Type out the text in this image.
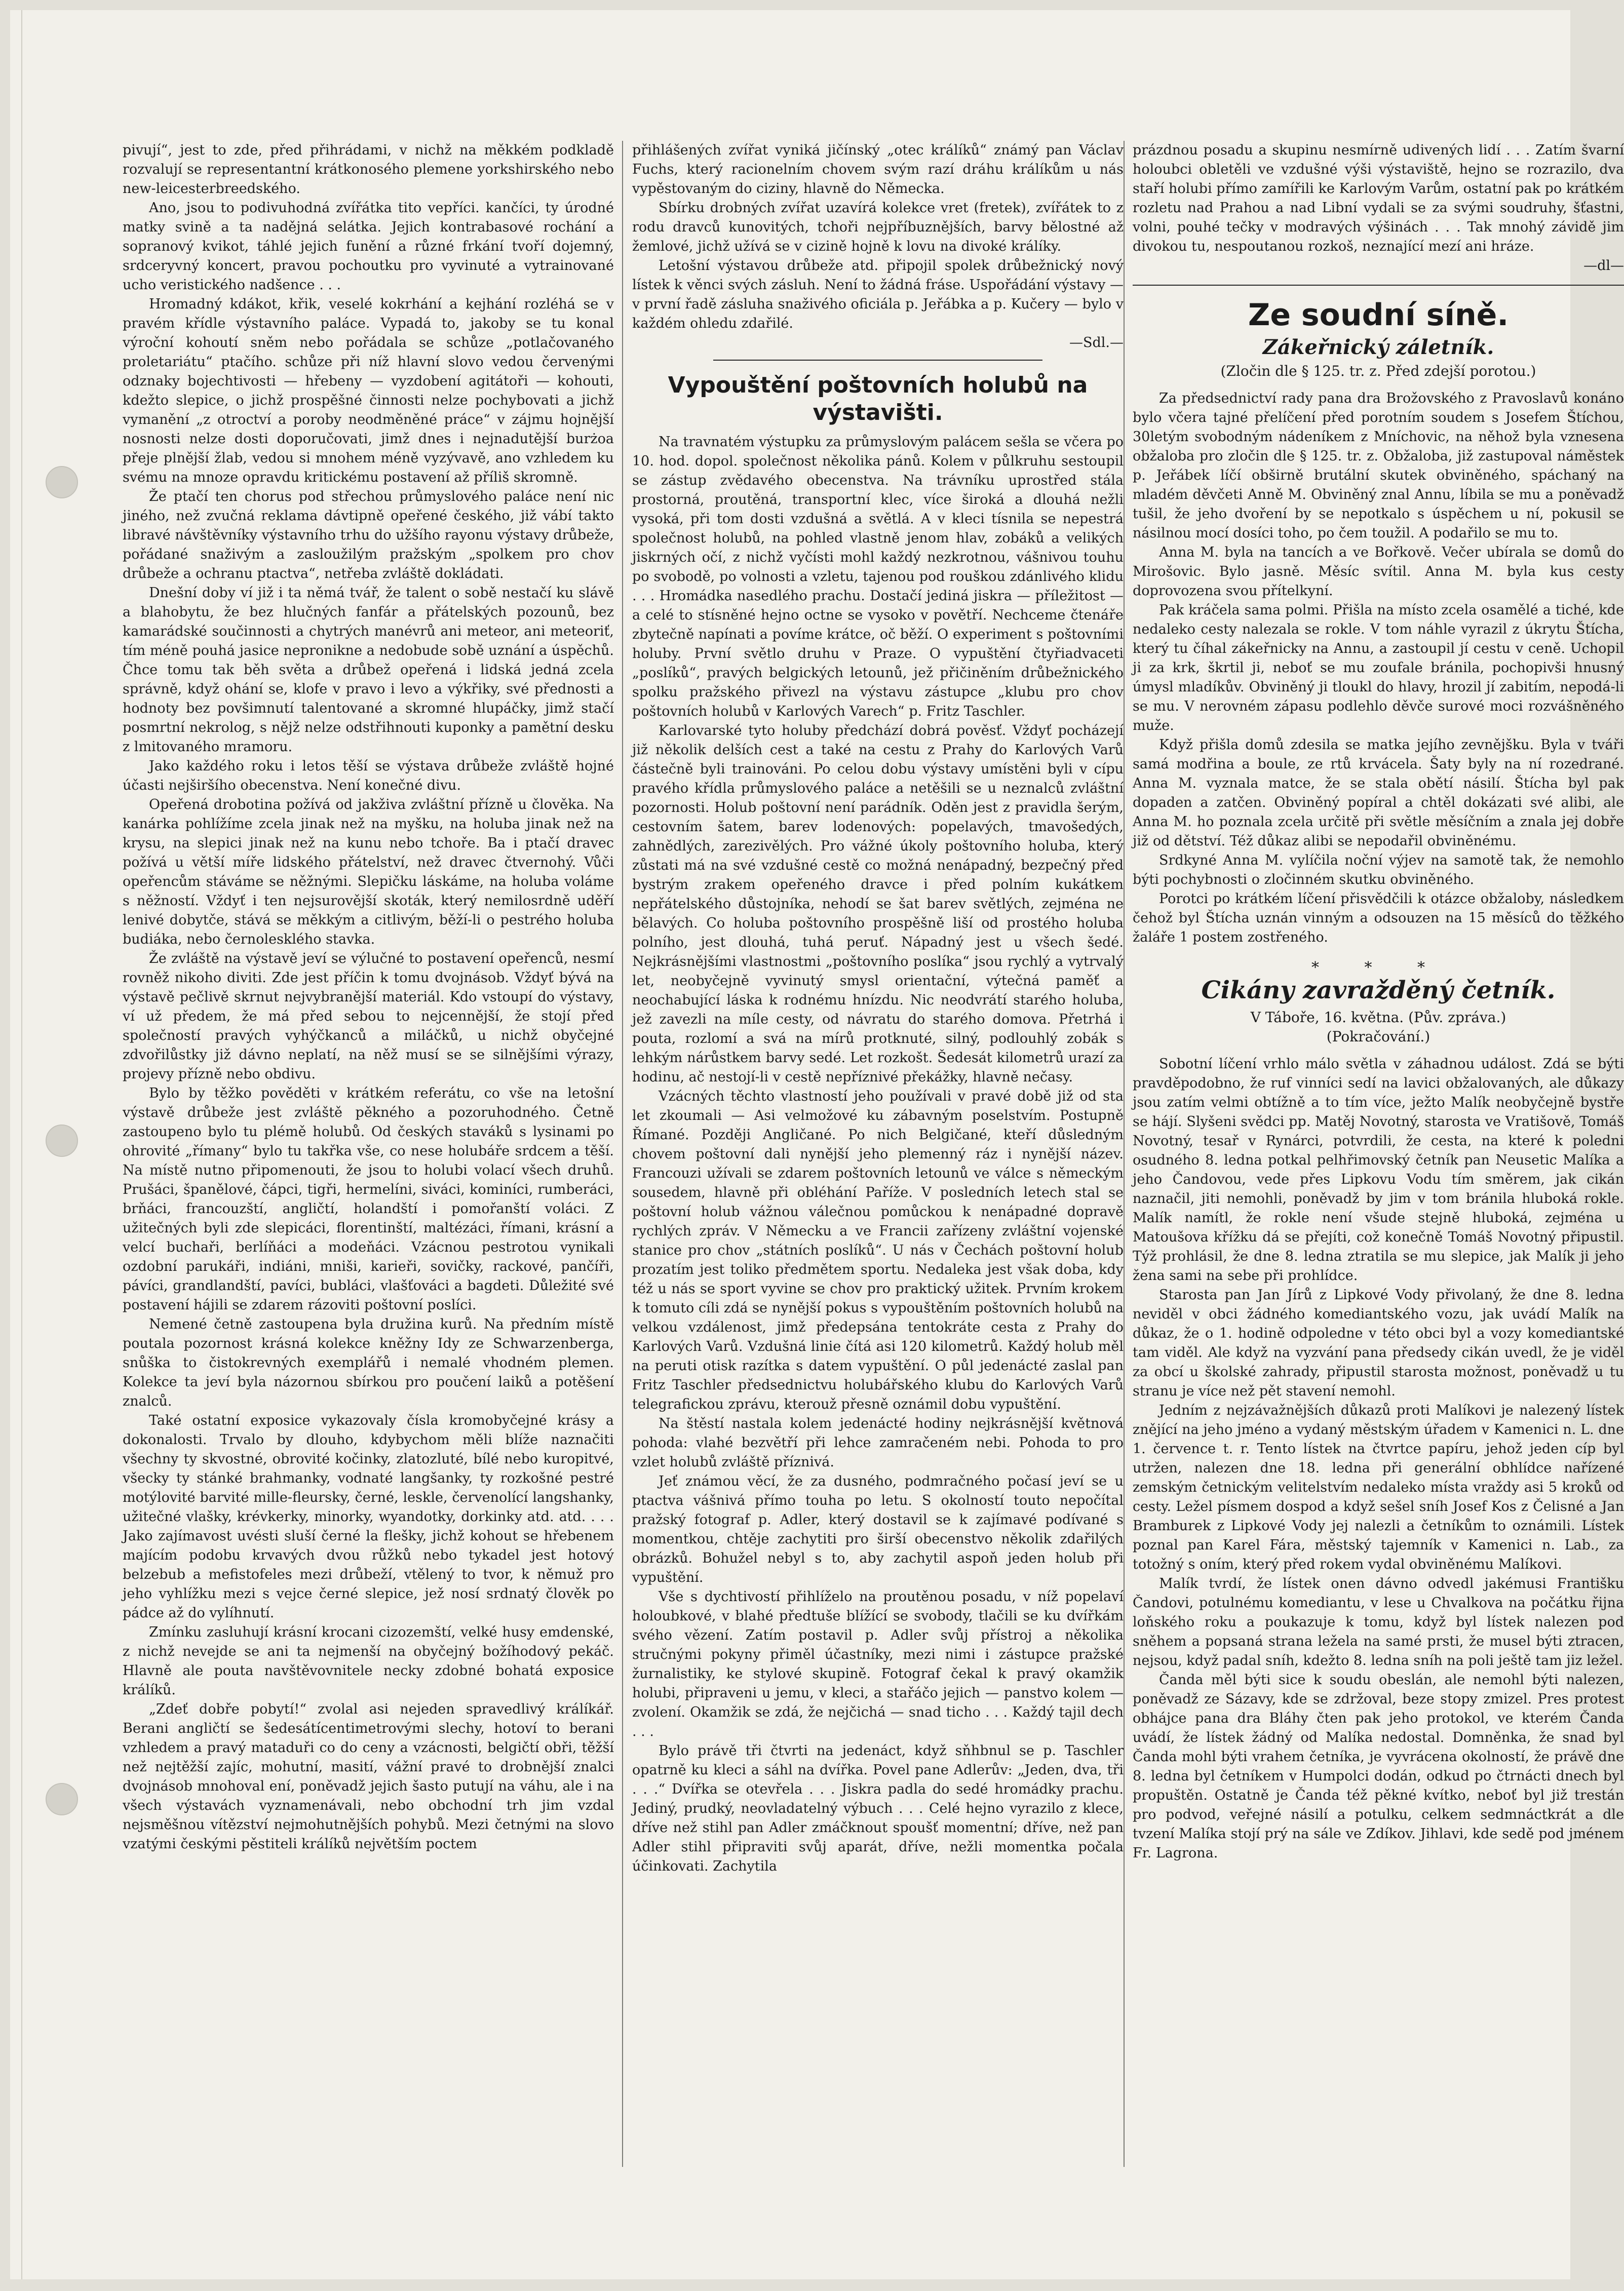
pivují“, jest to zde, před přihrádami, v nichž na měkkém podkladě rozvalují se representantní krátkonosého plemene yorkshirského nebo new-leicesterbreedského.

Ano, jsou to podivuhodná zvířátka tito vepříci. kančíci, ty úrodné matky svině a ta nadějná selátka. Jejich kontrabasové rochání a sopranový kvikot, táhlé jejich funění a různé frkání tvoří dojemný, srdceryvný koncert, pravou pochoutku pro vyvinuté a vytrainované ucho veristického nadšence . . .

Hromadný kdákot, křik, veselé kokrhání a kejhání rozléhá se v pravém křídle výstavního paláce. Vypadá to, jakoby se tu konal výroční kohoutí sněm nebo pořádala se schůze „potlačovaného proletariátu“ ptačího. schůze při níž hlavní slovo vedou červenými odznaky bojechtivosti — hřebeny — vyzdobení agitátoři — kohouti, kdežto slepice, o jichž prospěšné činnosti nelze pochybovati a jichž vymanění „z otroctví a poroby neodměněné práce“ v zájmu hojnější nosnosti nelze dosti doporučovati, jimž dnes i nejnadutější burżoa přeje plnější žlab, vedou si mnohem méně vyzývavě, ano vzhledem ku svému na mnoze opravdu kritickému postavení až příliš skromně.

Že ptačí ten chorus pod střechou průmyslového paláce není nic jiného, než zvučná reklama dávtipně opeřené českého, již vábí takto libravé návštěvníky výstavního trhu do užšího rayonu výstavy drůbeže, pořádané snaživým a zasloužilým pražským „spolkem pro chov drůbeže a ochranu ptactva“, netřeba zvláště dokládati.

Dnešní doby ví již i ta němá tvář, že talent o sobě nestačí ku slávě a blahobytu, že bez hlučných fanfár a přátelských pozounů, bez kamarádské součinnosti a chytrých manévrů ani meteor, ani meteoriť, tím méně pouhá jasice nepronikne a nedobude sobě uznání a úspěchů. Čhce tomu tak běh světa a drůbež opeřená i lidská jedná zcela správně, když ohání se, klofe v pravo i levo a výkřiky, své přednosti a hodnoty bez povšimnutí talentované a skromné hlupáčky, jimž stačí posmrtní nekrolog, s nějž nelze odstřihnouti kuponky a pamětní desku z lmitovaného mramoru.

Jako každého roku i letos těší se výstava drůbeže zvláště hojné účasti nejširšího obecenstva. Není konečné divu.

Opeřená drobotina požívá od jakživa zvláštní přízně u člověka. Na kanárka pohlížíme zcela jinak než na myšku, na holuba jinak než na krysu, na slepici jinak než na kunu nebo tchoře. Ba i ptačí dravec požívá u větší míře lidského přátelství, než dravec čtvernohý. Vůči opeřencům stáváme se něžnými. Slepičku láskáme, na holuba voláme s něžností. Vždyť i ten nejsurovější skoták, který nemilosrdně uděří lenivé dobytče, stává se měkkým a citlivým, běží-li o pestrého holuba budiáka, nebo černolesklého stavka.

Že zvláště na výstavě jeví se výlučné to postavení opeřenců, nesmí rovněž nikoho diviti. Zde jest příčin k tomu dvojnásob. Vždyť bývá na výstavě pečlivě skrnut nejvybranější materiál. Kdo vstoupí do výstavy, ví už předem, že má před sebou to nejcennější, že stojí před společností pravých vyhýčkanců a miláčků, u nichž obyčejné zdvořilůstky již dávno neplatí, na něž musí se se silnějšími výrazy, projevy přízně nebo obdivu.

Bylo by těžko pověděti v krátkém referátu, co vše na letošní výstavě drůbeže jest zvláště pěkného a pozoruhodného. Četně zastoupeno bylo tu plémě holubů. Od českých staváků s lysinami po ohrovité „římany“ bylo tu takřka vše, co nese holubáře srdcem a těší. Na místě nutno připomenouti, že jsou to holubi volací všech druhů. Prušáci, španělové, čápci, tigři, hermelíni, siváci, kominíci, rumberáci, brňáci, francouzští, angličtí, holandští i pomořanští voláci. Z užitečných byli zde slepicáci, florentinští, maltézáci, římani, krásní a velcí buchaři, berlíňáci a modeňáci. Vzácnou pestrotou vynikali ozdobní parukáři, indiáni, mniši, karieři, sovičky, rackové, pančíři, pávíci, grandlandští, pavíci, bubláci, vlašťováci a bagdeti. Důležité své postavení hájili se zdarem rázoviti poštovní poslíci.

Nemené četně zastoupena byla družina kurů. Na předním místě poutala pozornost krásná kolekce kněžny Idy ze Schwarzenberga, snůška to čistokrevných exemplářů i nemalé vhodném plemen. Kolekce ta jeví byla názornou sbírkou pro poučení laiků a potěšení znalců.

Také ostatní exposice vykazovaly čísla kromobyčejné krásy a dokonalosti. Trvalo by dlouho, kdybychom měli blíže naznačiti všechny ty skvostné, obrovité kočinky, zlatozluté, bílé nebo kuropitvé, všecky ty stánké brahmanky, vodnaté langšanky, ty rozkošné pestré motýlovité barvité mille-fleursky, černé, leskle, červenolící langshanky, užitečné vlašky, krévkerky, minorky, wyandotky, dorkinky atd. atd. . . . Jako zajímavost uvésti sluší černé la flešky, jichž kohout se hřebenem majícím podobu krvavých dvou růžků nebo tykadel jest hotový belzebub a mefistofeles mezi drůbeží, vtělený to tvor, k němuž pro jeho vyhlížku mezi s vejce černé slepice, jež nosí srdnatý člověk po pádce až do vylíhnutí.

Zmínku zasluhují krásní krocani cizozemští, velké husy emdenské, z nichž nevejde se ani ta nejmenší na obyčejný božíhodový pekáč. Hlavně ale pouta navštěvovnitele necky zdobné bohatá exposice králíků.

„Zdeť dobře pobytí!“ zvolal asi nejeden spravedlivý králíkář. Berani angličtí se šedesátícentimetrovými slechy, hotoví to berani vzhledem a pravý mataduři co do ceny a vzácnosti, belgičtí obři, těžší než nejtěžší zajíc, mohutní, masití, vážní pravé to drobnější znalci dvojnásob mnohoval ení, poněvadž jejich šasto putují na váhu, ale i na všech výstavách vyznamenávali, nebo obchodní trh jim vzdal nejsměšnou vítězství nejmohutnějších pohybů. Mezi četnými na slovo vzatými českými pěstiteli králíků největším poctem

přihlášených zvířat vyniká jičínský „otec králíků“ známý pan Václav Fuchs, který racionelním chovem svým razí dráhu králíkům u nás vypěstovaným do ciziny, hlavně do Německa.

Sbírku drobných zvířat uzavírá kolekce vret (fretek), zvířátek to z rodu dravců kunovitých, tchoři nejpříbuznějších, barvy bělostné až žemlové, jichž užívá se v cizině hojně k lovu na divoké králíky.

Letošní výstavou drůbeže atd. připojil spolek drůbežnický nový lístek k věnci svých zásluh. Není to žádná fráse. Uspořádání výstavy — v první řadě zásluha snaživého oficiála p. Jeřábka a p. Kučery — bylo v každém ohledu zdařilé.

—Sdl.—

Vypouštění poštovních holubů na výstavišti.

Na travnatém výstupku za průmyslovým palácem sešla se včera po 10. hod. dopol. společnost několika pánů. Kolem v půlkruhu sestoupil se zástup zvědavého obecenstva. Na trávníku uprostřed stála prostorná, proutěná, transportní klec, více široká a dlouhá nežli vysoká, při tom dosti vzdušná a světlá. A v kleci tísnila se nepestrá společnost holubů, na pohled vlastně jenom hlav, zobáků a velikých jiskrných očí, z nichž vyčísti mohl každý nezkrotnou, vášnivou touhu po svobodě, po volnosti a vzletu, tajenou pod rouškou zdánlivého klidu . . . Hromádka nasedlého prachu. Dostačí jediná jiskra — příležitost — a celé to stísněné hejno octne se vysoko v povětří. Nechceme čtenáře zbytečně napínati a povíme krátce, oč běží. O experiment s poštovními holuby. První světlo druhu v Praze. O vypuštění čtyřiadvaceti „poslíků“, pravých belgických letounů, jež přičiněním drůbežnického spolku pražského přivezl na výstavu zástupce „klubu pro chov poštovních holubů v Karlových Varech“ p. Fritz Taschler.

Karlovarské tyto holuby předchází dobrá pověsť. Vždyť pocházejí již několik delších cest a také na cestu z Prahy do Karlových Varů částečně byli trainováni. Po celou dobu výstavy umístěni byli v cípu pravého křídla průmyslového paláce a netěšili se u neznalců zvláštní pozornosti. Holub poštovní není parádník. Oděn jest z pravidla šerým, cestovním šatem, barev lodenových: popelavých, tmavošedých, zahnědlých, zarezivělých. Pro vážné úkoly poštovního holuba, který zůstati má na své vzdušné cestě co možná nenápadný, bezpečný před bystrým zrakem opeřeného dravce i před polním kukátkem nepřátelského důstojníka, nehodí se šat barev světlých, zejména ne bělavých. Co holuba poštovního prospěšně liší od prostého holuba polního, jest dlouhá, tuhá peruť. Nápadný jest u všech šedé. Nejkrásnějšími vlastnostmi „poštovního poslíka“ jsou rychlý a vytrvalý let, neobyčejně vyvinutý smysl orientační, výtečná paměť a neochabující láska k rodnému hnízdu. Nic neodvrátí starého holuba, jež zavezli na míle cesty, od návratu do starého domova. Přetrhá i pouta, rozlomí a svá na mírů protknuté, silný, podlouhlý zobák s lehkým nárůstkem barvy sedé. Let rozkošt. Šedesát kilometrů urazí za hodinu, ač nestojí-li v cestě nepříznivé překážky, hlavně nečasy.

Vzácných těchto vlastností jeho používali v pravé době již od sta let zkoumali — Asi velmožové ku zábavným poselstvím. Postupně Římané. Později Angličané. Po nich Belgičané, kteří důsledným chovem poštovní dali nynější jeho plemenný ráz i nynější název. Francouzi užívali se zdarem poštovních letounů ve válce s německým sousedem, hlavně při obléhání Paříže. V posledních letech stal se poštovní holub vážnou válečnou pomůckou k nenápadné dopravě rychlých zpráv. V Německu a ve Francii zařízeny zvláštní vojenské stanice pro chov „státních poslíků“. U nás v Čechách poštovní holub prozatím jest toliko předmětem sportu. Nedaleka jest však doba, kdy též u nás se sport vyvine se chov pro praktický užitek. Prvním krokem k tomuto cíli zdá se nynější pokus s vypouštěním poštovních holubů na velkou vzdálenost, jimž předepsána tentokráte cesta z Prahy do Karlových Varů. Vzdušná linie čítá asi 120 kilometrů. Každý holub měl na peruti otisk razítka s datem vypuštění. O půl jedenácté zaslal pan Fritz Taschler předsednictvu holubářského klubu do Karlových Varů telegrafickou zprávu, kterouž přesně oznámil dobu vypuštění.

Na štěstí nastala kolem jedenácté hodiny nejkrásnější květnová pohoda: vlahé bezvětří při lehce zamračeném nebi. Pohoda to pro vzlet holubů zvláště příznivá.

Jeť známou věcí, že za dusného, podmračného počasí jeví se u ptactva vášnivá přímo touha po letu. S okolností touto nepočítal pražský fotograf p. Adler, který dostavil se k zajímavé podívané s momentkou, chtěje zachytiti pro širší obecenstvo několik zdařilých obrázků. Bohužel nebyl s to, aby zachytil aspoň jeden holub při vypuštění.

Vše s dychtivostí přihlíželo na proutěnou posadu, v níž popelaví holoubkové, v blahé předtuše blížící se svobody, tlačili se ku dvířkám svého vězení. Zatím postavil p. Adler svůj přístroj a několika stručnými pokyny přiměl účastníky, mezi nimi i zástupce pražské žurnalistiky, ke stylové skupině. Fotograf čekal k pravý okamžik holubi, připraveni u jemu, v kleci, a stařáčo jejich — panstvo kolem — zvolení. Okamžik se zdá, že nejčichá — snad ticho . . . Každý tajil dech . . .

Bylo právě tři čtvrti na jedenáct, když sňhbnul se p. Taschler opatrně ku kleci a sáhl na dvířka. Povel pane Adlerův: „Jeden, dva, tři . . .“ Dvířka se otevřela . . . Jiskra padla do sedé hromádky prachu. Jediný, prudký, neovladatelný výbuch . . . Celé hejno vyrazilo z klece, dříve než stihl pan Adler zmáčknout spoušť momentní; dříve, než pan Adler stihl připraviti svůj aparát, dříve, nežli momentka počala účinkovati. Zachytila

prázdnou posadu a skupinu nesmírně udivených lidí . . . Zatím švarní holoubci obletěli ve vzdušné výši výstaviště, hejno se rozrazilo, dva staří holubi přímo zamířili ke Karlovým Varům, ostatní pak po krátkém rozletu nad Prahou a nad Libní vydali se za svými soudruhy, šťastni, volni, pouhé tečky v modravých výšinách . . . Tak mnohý závidě jim divokou tu, nespoutanou rozkoš, neznající mezí ani hráze.

—dl—

Ze soudní síně.
Zákeřnický záletník.
(Zločin dle § 125. tr. z. Před zdejší porotou.)

Za předsednictví rady pana dra Brožovského z Pravoslavů konáno bylo včera tajné přelíčení před porotním soudem s Josefem Štíchou, 30letým svobodným nádeníkem z Mníchovic, na něhož byla vznesena obžaloba pro zločin dle § 125. tr. z. Obžaloba, již zastupoval náměstek p. Jeřábek líčí obširně brutální skutek obviněného, spáchaný na mladém děvčeti Anně M. Obviněný znal Annu, líbila se mu a poněvadž tušil, že jeho dvoření by se nepotkalo s úspěchem u ní, pokusil se násilnou mocí dosíci toho, po čem toužil. A podařilo se mu to.

Anna M. byla na tancích a ve Bořkově. Večer ubírala se domů do Mirošovic. Bylo jasně. Měsíc svítil. Anna M. byla kus cesty doprovozena svou přítelkyní.

Pak kráčela sama polmi. Přišla na místo zcela osamělé a tiché, kde nedaleko cesty nalezala se rokle. V tom náhle vyrazil z úkrytu Štícha, který tu číhal zákeřnicky na Annu, a zastoupil jí cestu v ceně. Uchopil ji za krk, škrtil ji, neboť se mu zoufale bránila, pochopivši hnusný úmysl mladíkův. Obviněný ji tloukl do hlavy, hrozil jí zabitím, nepodá-li se mu. V nerovném zápasu podlehlo děvče surové moci rozvášněného muže.

Když přišla domů zdesila se matka jejího zevnějšku. Byla v tváři samá modřina a boule, ze rtů krvácela. Šaty byly na ní rozedrané. Anna M. vyznala matce, že se stala obětí násilí. Štícha byl pak dopaden a zatčen. Obviněný popíral a chtěl dokázati své alibi, ale Anna M. ho poznala zcela určitě při světle měsíčním a znala jej dobře již od dětství. Též důkaz alibi se nepodařil obviněnému.

Srdkyné Anna M. vylíčila noční výjev na samotě tak, že nemohlo býti pochybnosti o zločinném skutku obviněného.

Porotci po krátkém líčení přisvědčili k otázce obžaloby, následkem čehož byl Štícha uznán vinným a odsouzen na 15 měsíců do těžkého žaláře 1 postem zostřeného.

* * *
Cikány zavražděný četník.
V Táboře, 16. května. (Pův. zpráva.)
(Pokračování.)

Sobotní líčení vrhlo málo světla v záhadnou událost. Zdá se býti pravděpodobno, že ruf vinníci sedí na lavici obžalovaných, ale důkazy jsou zatím velmi obtížně a to tím více, ježto Malík neobyčejně bystře se hájí. Slyšeni svědci pp. Matěj Novotný, starosta ve Vratišově, Tomáš Novotný, tesař v Rynárci, potvrdili, že cesta, na které k poledni osudného 8. ledna potkal pelhřimovský četník pan Neusetic Malíka a jeho Čandovou, vede přes Lipkovu Vodu tím směrem, jak cikán naznačil, jiti nemohli, poněvadž by jim v tom bránila hluboká rokle. Malík namítl, že rokle není všude stejně hluboká, zejména u Matoušova křížku dá se přejíti, což konečně Tomáš Novotný připustil. Týž prohlásil, že dne 8. ledna ztratila se mu slepice, jak Malík ji jeho žena sami na sebe při prohlídce.

Starosta pan Jan Jírů z Lipkové Vody přivolaný, že dne 8. ledna neviděl v obci žádného komediantského vozu, jak uvádí Malík na důkaz, že o 1. hodině odpoledne v této obci byl a vozy komediantské tam viděl. Ale když na vyzvání pana předsedy cikán uvedl, že je viděl za obcí u školské zahrady, připustil starosta možnost, poněvadž u tu stranu je více než pět stavení nemohl.

Jedním z nejzávažnějších důkazů proti Malíkovi je nalezený lístek znějící na jeho jméno a vydaný městským úřadem v Kamenici n. L. dne 1. července t. r. Tento lístek na čtvrtce papíru, jehož jeden cíp byl utržen, nalezen dne 18. ledna při generální obhlídce nařízené zemským četnickým velitelstvím nedaleko místa vraždy asi 5 kroků od cesty. Ležel písmem dospod a když sešel sníh Josef Kos z Čelisné a Jan Bramburek z Lipkové Vody jej nalezli a četníkům to oznámili. Lístek poznal pan Karel Fára, městský tajemník v Kamenici n. Lab., za totožný s oním, který před rokem vydal obviněnému Malíkovi.

Malík tvrdí, že lístek onen dávno odvedl jakémusi Františku Čandovi, potulnému komediantu, v lese u Chvalkova na počátku řijna loňského roku a poukazuje k tomu, když byl lístek nalezen pod sněhem a popsaná strana ležela na samé prsti, že musel býti ztracen, nejsou, když padal sníh, kdežto 8. ledna sníh na poli ještě tam jiz ležel.

Čanda měl býti sice k soudu obeslán, ale nemohl býti nalezen, poněvadž ze Sázavy, kde se zdržoval, beze stopy zmizel. Pres protest obhájce pana dra Bláhy čten pak jeho protokol, ve kterém Čanda uvádí, že lístek žádný od Malíka nedostal. Domněnka, že snad byl Čanda mohl býti vrahem četníka, je vyvrácena okolností, že právě dne 8. ledna byl četníkem v Humpolci dodán, odkud po čtrnácti dnech byl propuštěn. Ostatně je Čanda též pěkné kvítko, neboť byl již trestán pro podvod, veřejné násilí a potulku, celkem sedmnáctkrát a dle tvzení Malíka stojí prý na sále ve Zdíkov. Jihlavi, kde sedě pod jménem Fr. Lagrona.
